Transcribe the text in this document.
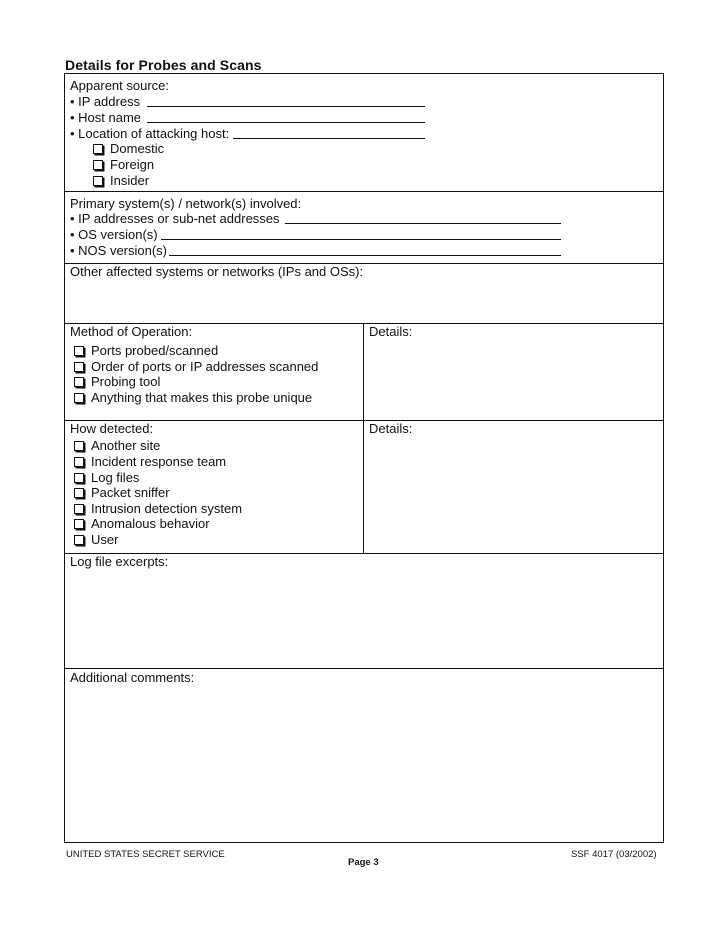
Details for Probes and Scans
Apparent source:
• IP address
• Host name
• Location of attacking host:
Domestic
Foreign
Insider
Primary system(s) / network(s) involved:
• IP addresses or sub-net addresses
• OS version(s)
• NOS version(s)
Other affected systems or networks (IPs and OSs):
Method of Operation:	Details:
Ports probed/scanned
Order of ports or IP addresses scanned
Probing tool
Anything that makes this probe unique
How detected:	Details:
Another site
Incident response team
Log files
Packet sniffer
Intrusion detection system
Anomalous behavior
User
Log file excerpts:
Additional comments:
UNITED STATES SECRET SERVICE
Page 3
SSF 4017 (03/2002)
